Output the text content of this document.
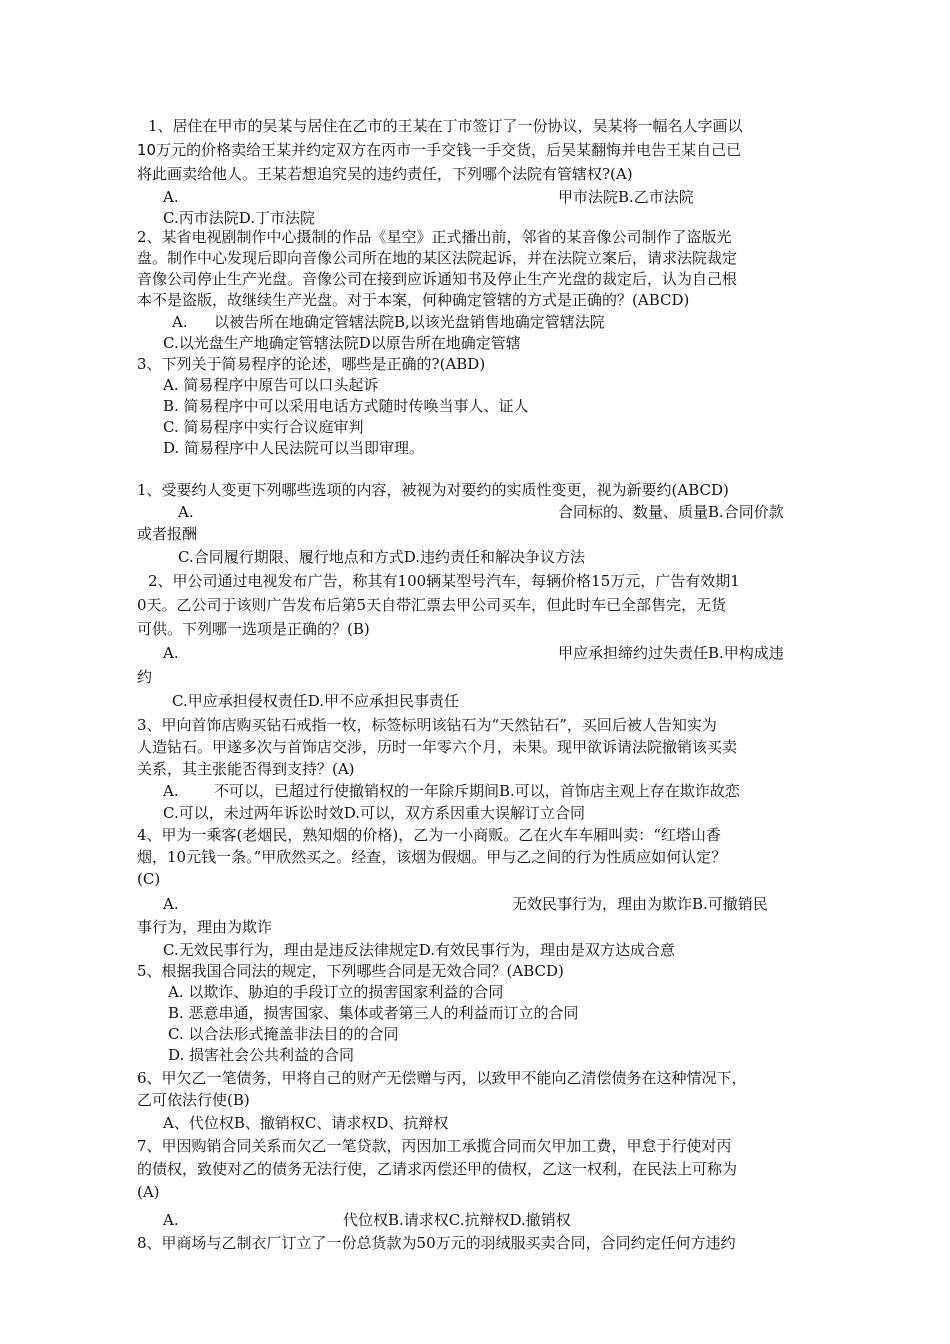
1、居住在甲市的吴某与居住在乙市的王某在丁市签订了一份协议，吴某将一幅名人字画以
10万元的价格卖给王某并约定双方在丙市一手交钱一手交货，后吴某翻悔并电告王某自己已
将此画卖给他人。王某若想追究吴的违约责任，下列哪个法院有管辖权?(A)
A.	甲市法院B.乙市法院
C.丙市法院D.丁市法院
2、某省电视剧制作中心摄制的作品《星空》正式播出前，邻省的某音像公司制作了盗版光
盘。制作中心发现后即向音像公司所在地的某区法院起诉，并在法院立案后，请求法院裁定
音像公司停止生产光盘。音像公司在接到应诉通知书及停止生产光盘的裁定后，认为自己根
本不是盗版，故继续生产光盘。对于本案，何种确定管辖的方式是正确的？(ABCD)
A. 以被告所在地确定管辖法院B,以该光盘销售地确定管辖法院
C.以光盘生产地确定管辖法院D以原告所在地确定管辖
3、下列关于简易程序的论述，哪些是正确的?(ABD)
A. 简易程序中原告可以口头起诉
B. 简易程序中可以采用电话方式随时传唤当事人、证人
C. 简易程序中实行合议庭审判
D. 简易程序中人民法院可以当即审理。
1、受要约人变更下列哪些选项的内容，被视为对要约的实质性变更，视为新要约(ABCD)
A.	合同标的、数量、质量B.合同价款
或者报酬
C.合同履行期限、履行地点和方式D.违约责任和解决争议方法
2、甲公司通过电视发布广告，称其有100辆某型号汽车，每辆价格15万元，广告有效期1
0天。乙公司于该则广告发布后第5天自带汇票去甲公司买车，但此时车已全部售完，无货
可供。下列哪一选项是正确的？(B)
A.	甲应承担缔约过失责任B.甲构成违
约
C.甲应承担侵权责任D.甲不应承担民事责任
3、甲向首饰店购买钻石戒指一枚，标签标明该钻石为“天然钻石”，买回后被人告知实为
人造钻石。甲遂多次与首饰店交涉，历时一年零六个月，未果。现甲欲诉请法院撤销该买卖
关系，其主张能否得到支持？(A)
A. 不可以，已超过行使撤销权的一年除斥期间B.可以，首饰店主观上存在欺诈故恋
C.可以，未过两年诉讼时效D.可以，双方系因重大误解订立合同
4、甲为一乘客(老烟民，熟知烟的价格)，乙为一小商贩。乙在火车车厢叫卖：“红塔山香
烟，10元钱一条。”甲欣然买之。经查，该烟为假烟。甲与乙之间的行为性质应如何认定？
(C)
A.	无效民事行为，理由为欺诈B.可撤销民
事行为，理由为欺诈
C.无效民事行为，理由是违反法律规定D.有效民事行为，理由是双方达成合意
5、根据我国合同法的规定，下列哪些合同是无效合同？(ABCD)
A. 以欺诈、胁迫的手段订立的损害国家利益的合同
B. 恶意串通，损害国家、集体或者第三人的利益而订立的合同
C. 以合法形式掩盖非法目的的合同
D. 损害社会公共利益的合同
6、甲欠乙一笔债务，甲将自己的财产无偿赠与丙，以致甲不能向乙清偿债务在这种情况下，
乙可依法行使(B)
A、代位权B、撤销权C、请求权D、抗辩权
7、甲因购销合同关系而欠乙一笔贷款，丙因加工承揽合同而欠甲加工费，甲怠于行使对丙
的债权，致使对乙的债务无法行使，乙请求丙偿还甲的债权，乙这一权利，在民法上可称为
(A)
A.	代位权B.请求权C.抗辩权D.撤销权
8、甲商场与乙制衣厂订立了一份总货款为50万元的羽绒服买卖合同，合同约定任何方违约
